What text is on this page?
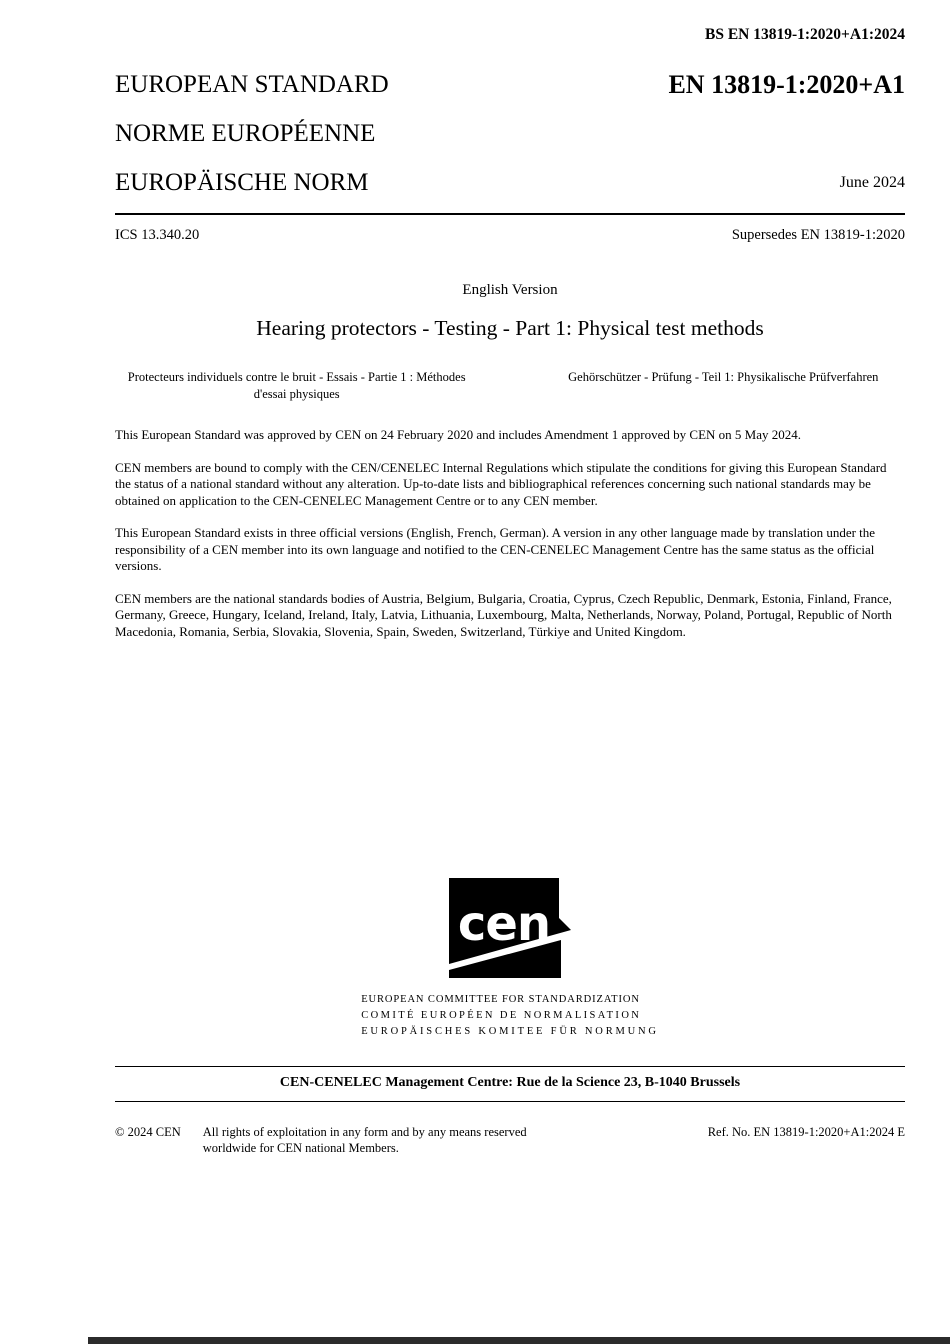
BS EN 13819-1:2020+A1:2024
EUROPEAN STANDARD
NORME EUROPÉENNE
EUROPÄISCHE NORM
EN 13819-1:2020+A1
June 2024
ICS 13.340.20	Supersedes EN 13819-1:2020
English Version
Hearing protectors - Testing - Part 1: Physical test methods
Protecteurs individuels contre le bruit - Essais - Partie 1 : Méthodes d'essai physiques
Gehörschützer - Prüfung - Teil 1: Physikalische Prüfverfahren

This European Standard was approved by CEN on 24 February 2020 and includes Amendment 1 approved by CEN on 5 May 2024.

CEN members are bound to comply with the CEN/CENELEC Internal Regulations which stipulate the conditions for giving this European Standard the status of a national standard without any alteration. Up-to-date lists and bibliographical references concerning such national standards may be obtained on application to the CEN-CENELEC Management Centre or to any CEN member.

This European Standard exists in three official versions (English, French, German). A version in any other language made by translation under the responsibility of a CEN member into its own language and notified to the CEN-CENELEC Management Centre has the same status as the official versions.

CEN members are the national standards bodies of Austria, Belgium, Bulgaria, Croatia, Cyprus, Czech Republic, Denmark, Estonia, Finland, France, Germany, Greece, Hungary, Iceland, Ireland, Italy, Latvia, Lithuania, Luxembourg, Malta, Netherlands, Norway, Poland, Portugal, Republic of North Macedonia, Romania, Serbia, Slovakia, Slovenia, Spain, Sweden, Switzerland, Türkiye and United Kingdom.

cen
EUROPEAN COMMITTEE FOR STANDARDIZATION
COMITÉ EUROPÉEN DE NORMALISATION
EUROPÄISCHES KOMITEE FÜR NORMUNG
CEN-CENELEC Management Centre: Rue de la Science 23, B-1040 Brussels
© 2024 CEN All rights of exploitation in any form and by any means reserved worldwide for CEN national Members.
Ref. No. EN 13819-1:2020+A1:2024 E
